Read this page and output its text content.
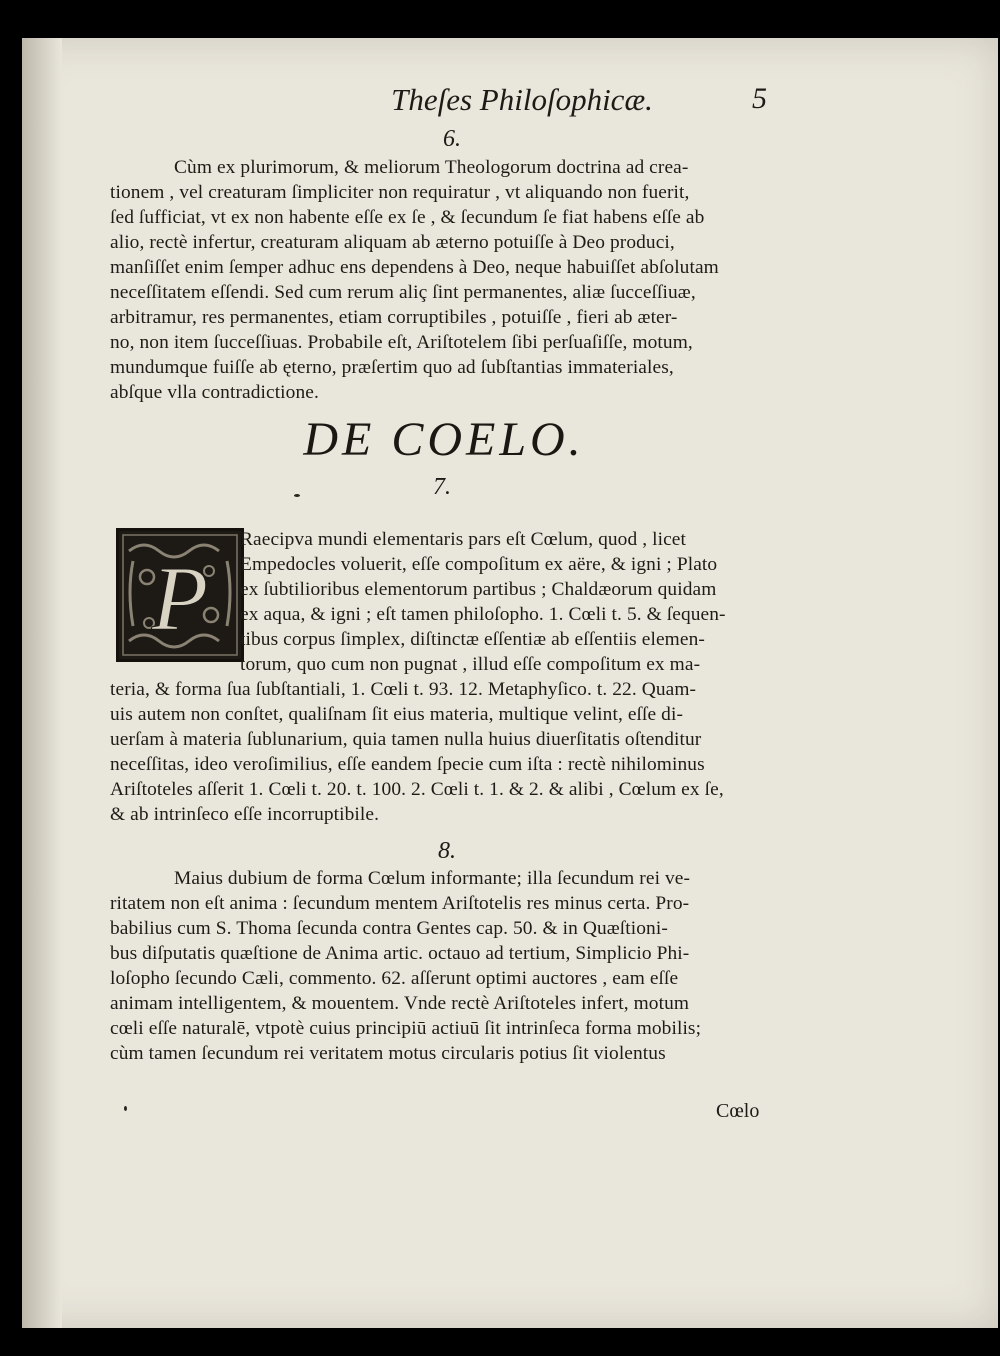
Theſes Philoſophicæ.	5
6.
Cùm ex plurimorum, & meliorum Theologorum doctrina ad crea-
tionem , vel creaturam ſimpliciter non requiratur , vt aliquando non fuerit,
ſed ſufficiat, vt ex non habente eſſe ex ſe , & ſecundum ſe fiat habens eſſe ab
alio, rectè infertur, creaturam aliquam ab æterno potuiſſe à Deo produci,
manſiſſet enim ſemper adhuc ens dependens à Deo, neque habuiſſet abſolutam
neceſſitatem eſſendi. Sed cum rerum aliç ſint permanentes, aliæ ſucceſſiuæ,
arbitramur, res permanentes, etiam corruptibiles , potuiſſe , fieri ab æter-
no, non item ſucceſſiuas. Probabile eſt, Ariſtotelem ſibi perſuaſiſſe, motum,
mundumque fuiſſe ab ęterno, præſertim quo ad ſubſtantias immateriales,
abſque vlla contradictione.
DE COELO.
7.
P
Raecipva mundi elementaris pars eſt Cœlum, quod , licet
Empedocles voluerit, eſſe compoſitum ex aëre, & igni ; Plato
ex ſubtilioribus elementorum partibus ; Chaldæorum quidam
ex aqua, & igni ; eſt tamen philoſopho. 1. Cœli t. 5. & ſequen-
tibus corpus ſimplex, diſtinctæ eſſentiæ ab eſſentiis elemen-
torum, quo cum non pugnat , illud eſſe compoſitum ex ma-
teria, & forma ſua ſubſtantiali, 1. Cœli t. 93. 12. Metaphyſico. t. 22. Quam-
uis autem non conſtet, qualiſnam ſit eius materia, multique velint, eſſe di-
uerſam à materia ſublunarium, quia tamen nulla huius diuerſitatis oſtenditur
neceſſitas, ideo veroſimilius, eſſe eandem ſpecie cum iſta : rectè nihilominus
Ariſtoteles aſſerit 1. Cœli t. 20. t. 100. 2. Cœli t. 1. & 2. & alibi , Cœlum ex ſe,
& ab intrinſeco eſſe incorruptibile.
8.
Maius dubium de forma Cœlum informante; illa ſecundum rei ve-
ritatem non eſt anima : ſecundum mentem Ariſtotelis res minus certa. Pro-
babilius cum S. Thoma ſecunda contra Gentes cap. 50. & in Quæſtioni-
bus diſputatis quæſtione de Anima artic. octauo ad tertium, Simplicio Phi-
loſopho ſecundo Cæli, commento. 62. aſſerunt optimi auctores , eam eſſe
animam intelligentem, & mouentem. Vnde rectè Ariſtoteles infert, motum
cœli eſſe naturalē, vtpotè cuius principiū actiuū ſit intrinſeca forma mobilis;
cùm tamen ſecundum rei veritatem motus circularis potius ſit violentus
Cœlo
